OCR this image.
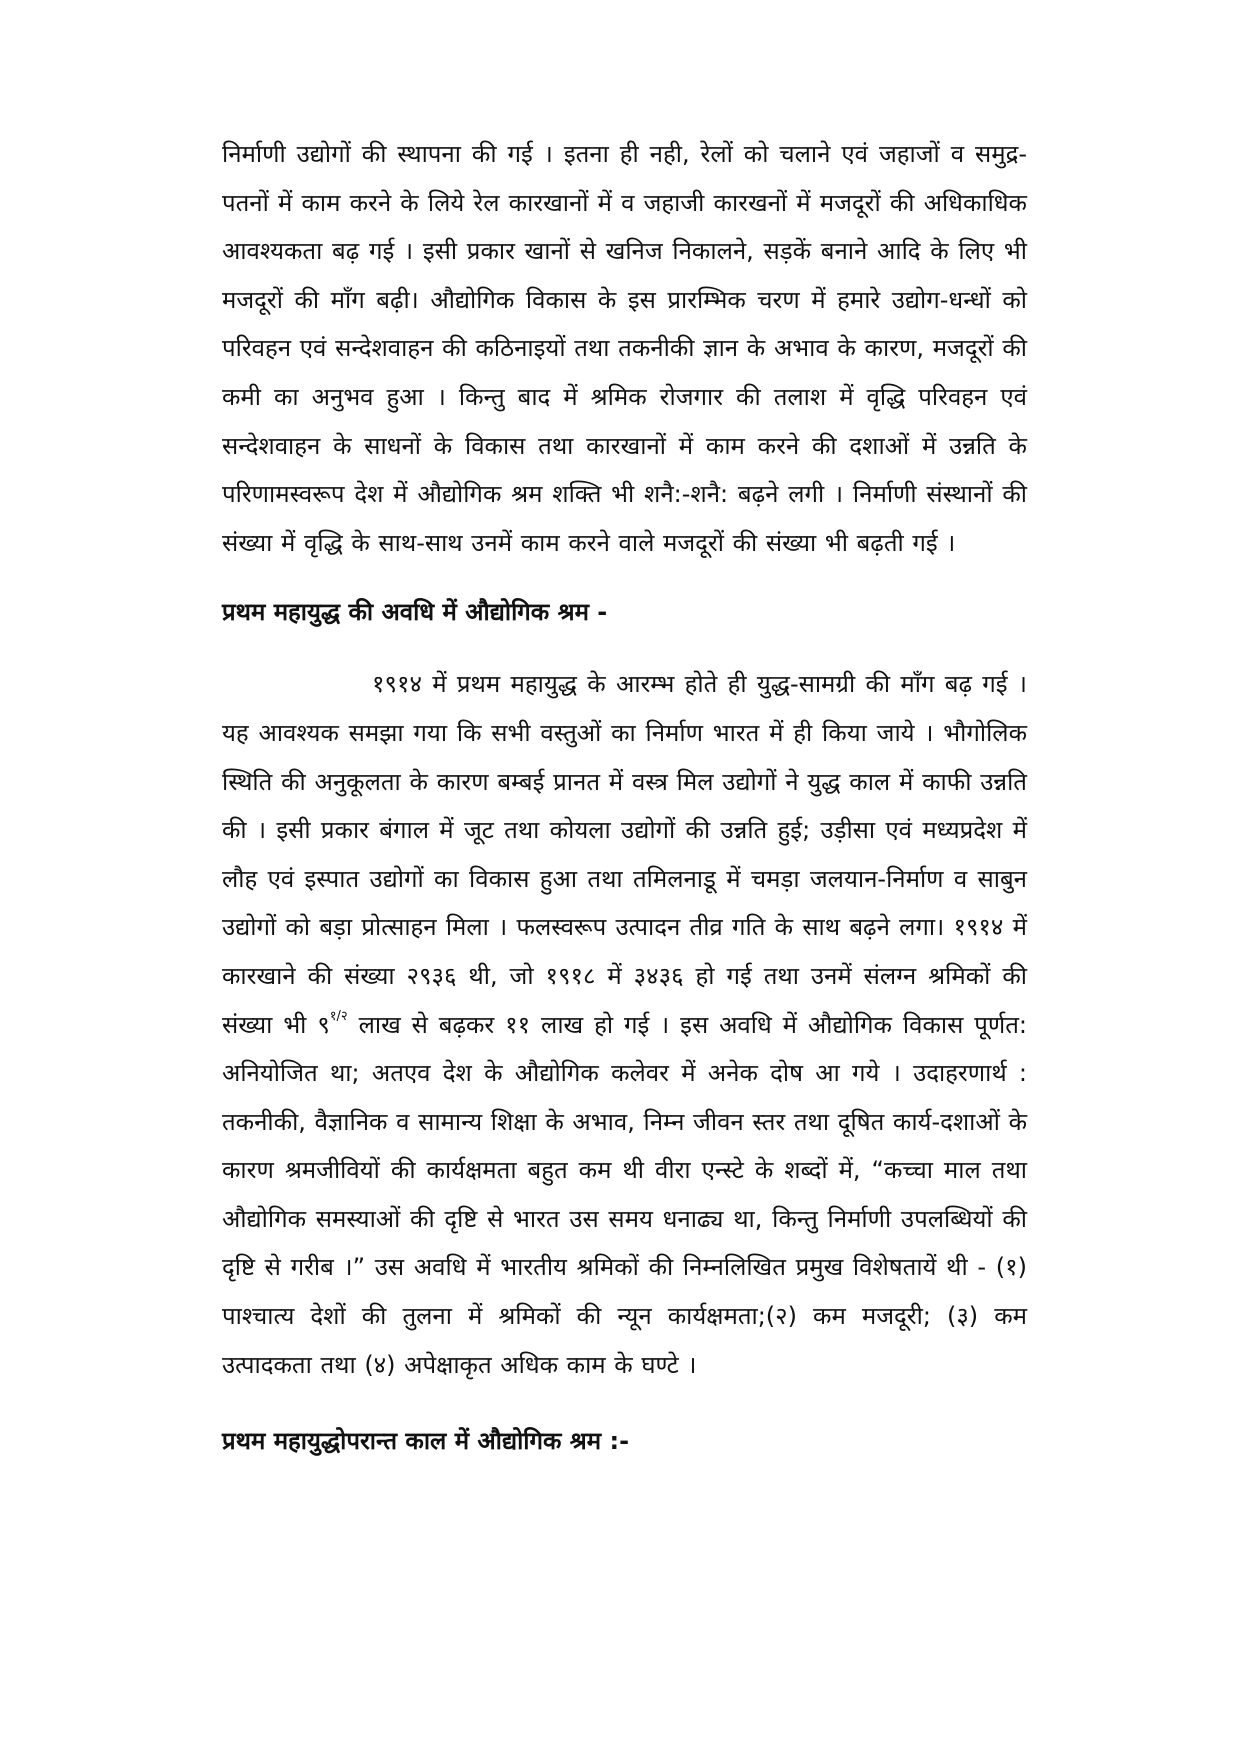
निर्माणी उद्योगों की स्थापना की गई । इतना ही नही, रेलों को चलाने एवं जहाजों व समुद्र-पतनों में काम करने के लिये रेल कारखानों में व जहाजी कारखनों में मजदूरों की अधिकाधिक आवश्यकता बढ़ गई । इसी प्रकार खानों से खनिज निकालने, सड़कें बनाने आदि के लिए भी मजदूरों की मॉंग बढ़ी। औद्योगिक विकास के इस प्रारम्भिक चरण में हमारे उद्योग-धन्धों को परिवहन एवं सन्देशवाहन की कठिनाइयों तथा तकनीकी ज्ञान के अभाव के कारण, मजदूरों की कमी का अनुभव हुआ । किन्तु बाद में श्रमिक रोजगार की तलाश में वृद्धि परिवहन एवं सन्देशवाहन के साधनों के विकास तथा कारखानों में काम करने की दशाओं में उन्नति के परिणामस्वरूप देश में औद्योगिक श्रम शक्ति भी शनै:-शनै: बढ़ने लगी । निर्माणी संस्थानों की संख्या में वृद्धि के साथ-साथ उनमें काम करने वाले मजदूरों की संख्या भी बढ़ती गई ।

प्रथम महायुद्ध की अवधि में औद्योगिक श्रम -

१९१४ में प्रथम महायुद्ध के आरम्भ होते ही युद्ध-सामग्री की मॉंग बढ़ गई । यह आवश्यक समझा गया कि सभी वस्तुओं का निर्माण भारत में ही किया जाये । भौगोलिक स्थिति की अनुकूलता के कारण बम्बई प्रानत में वस्त्र मिल उद्योगों ने युद्ध काल में काफी उन्नति की । इसी प्रकार बंगाल में जूट तथा कोयला उद्योगों की उन्नति हुई; उड़ीसा एवं मध्यप्रदेश में लौह एवं इस्पात उद्योगों का विकास हुआ तथा तमिलनाडू में चमड़ा जलयान-निर्माण व साबुन उद्योगों को बड़ा प्रोत्साहन मिला । फलस्वरूप उत्पादन तीव्र गति के साथ बढ़ने लगा। १९१४ में कारखाने की संख्या २९३६ थी, जो १९१८ में ३४३६ हो गई तथा उनमें संलग्न श्रमिकों की संख्या भी $९^{१/२}$ लाख से बढ़कर ११ लाख हो गई । इस अवधि में औद्योगिक विकास पूर्णत: अनियोजित था; अतएव देश के औद्योगिक कलेवर में अनेक दोष आ गये । उदाहरणार्थ : तकनीकी, वैज्ञानिक व सामान्य शिक्षा के अभाव, निम्न जीवन स्तर तथा दूषित कार्य-दशाओं के कारण श्रमजीवियों की कार्यक्षमता बहुत कम थी वीरा एन्स्टे के शब्दों में, “कच्चा माल तथा औद्योगिक समस्याओं की दृष्टि से भारत उस समय धनाढ्य था, किन्तु निर्माणी उपलब्धियों की दृष्टि से गरीब ।” उस अवधि में भारतीय श्रमिकों की निम्नलिखित प्रमुख विशेषतायें थी - (१) पाश्चात्य देशों की तुलना में श्रमिकों की न्यून कार्यक्षमता;(२) कम मजदूरी; (३) कम उत्पादकता तथा (४) अपेक्षाकृत अधिक काम के घण्टे ।

प्रथम महायुद्धोपरान्त काल में औद्योगिक श्रम :-
